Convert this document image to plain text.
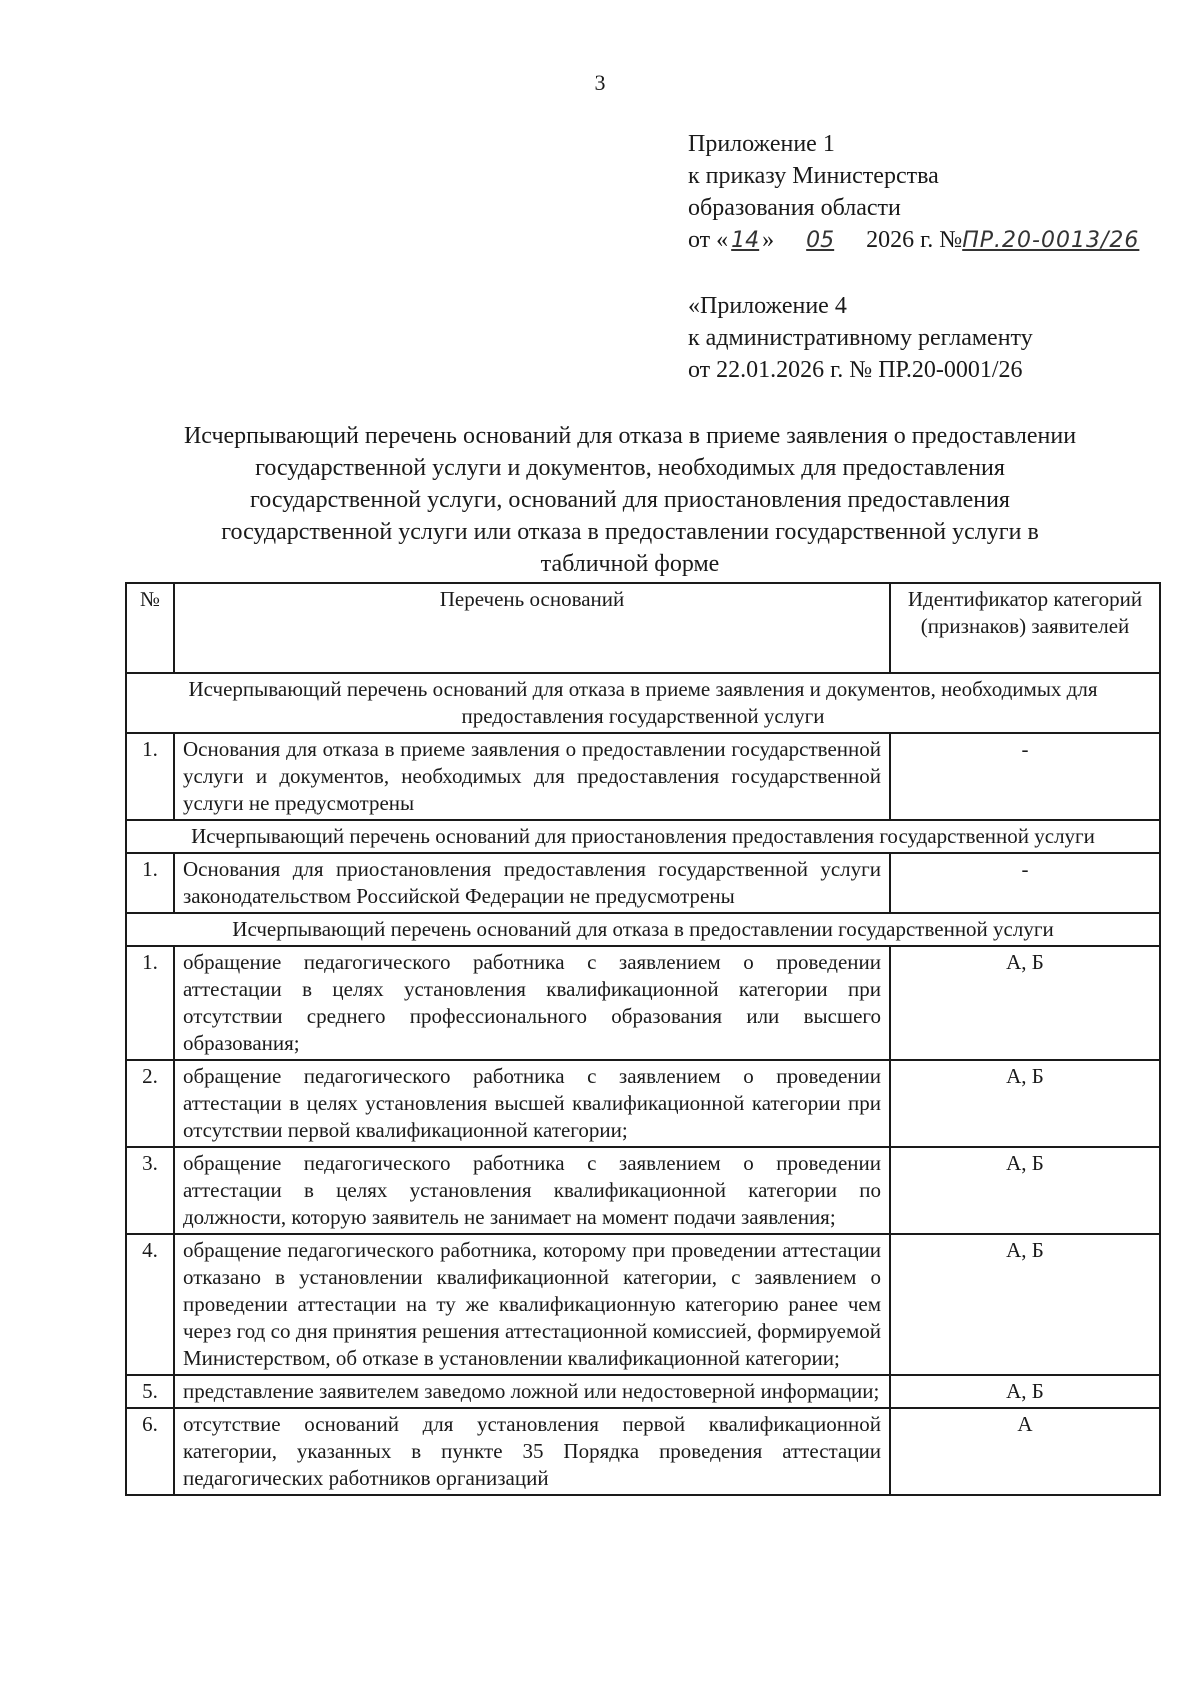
3
Приложение 1
к приказу Министерства
образования области
от « 14 » 05 2026 г. №ПР.20-0013/26
«Приложение 4
к административному регламенту
от 22.01.2026 г. № ПР.20-0001/26
Исчерпывающий перечень оснований для отказа в приеме заявления о предоставлении государственной услуги и документов, необходимых для предоставления государственной услуги, оснований для приостановления предоставления государственной услуги или отказа в предоставлении государственной услуги в табличной форме
№	Перечень оснований	Идентификатор категорий (признаков) заявителей
Исчерпывающий перечень оснований для отказа в приеме заявления и документов, необходимых для предоставления государственной услуги		
1.	Основания для отказа в приеме заявления о предоставлении государственной услуги и документов, необходимых для предоставления государственной услуги не предусмотрены	-
Исчерпывающий перечень оснований для приостановления предоставления государственной услуги		
1.	Основания для приостановления предоставления государственной услуги законодательством Российской Федерации не предусмотрены	-
Исчерпывающий перечень оснований для отказа в предоставлении государственной услуги		
1.	обращение педагогического работника с заявлением о проведении аттестации в целях установления квалификационной категории при отсутствии среднего профессионального образования или высшего образования;	А, Б
2.	обращение педагогического работника с заявлением о проведении аттестации в целях установления высшей квалификационной категории при отсутствии первой квалификационной категории;	А, Б
3.	обращение педагогического работника с заявлением о проведении аттестации в целях установления квалификационной категории по должности, которую заявитель не занимает на момент подачи заявления;	А, Б
4.	обращение педагогического работника, которому при проведении аттестации отказано в установлении квалификационной категории, с заявлением о проведении аттестации на ту же квалификационную категорию ранее чем через год со дня принятия решения аттестационной комиссией, формируемой Министерством, об отказе в установлении квалификационной категории;	А, Б
5.	представление заявителем заведомо ложной или недостоверной информации;	А, Б
6.	отсутствие оснований для установления первой квалификационной категории, указанных в пункте 35 Порядка проведения аттестации педагогических работников организаций	А
